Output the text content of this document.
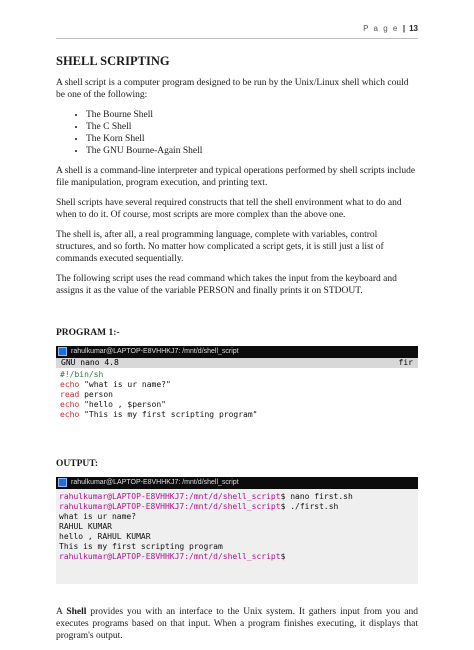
P a g e | 13
SHELL SCRIPTING

A shell script is a computer program designed to be run by the Unix/Linux shell which could be one of the following:

• The Bourne Shell
• The C Shell
• The Korn Shell
• The GNU Bourne-Again Shell

A shell is a command-line interpreter and typical operations performed by shell scripts include file manipulation, program execution, and printing text.

Shell scripts have several required constructs that tell the shell environment what to do and when to do it. Of course, most scripts are more complex than the above one.

The shell is, after all, a real programming language, complete with variables, control structures, and so forth. No matter how complicated a script gets, it is still just a list of commands executed sequentially.

The following script uses the read command which takes the input from the keyboard and assigns it as the value of the variable PERSON and finally prints it on STDOUT.

PROGRAM 1:-
rahulkumar@LAPTOP-E8VHHKJ7: /mnt/d/shell_script
GNU nano 4.8	fir
#!/bin/sh
echo "what is ur name?"
read person
echo "hello , $person"
echo "This is my first scripting program"
OUTPUT:
rahulkumar@LAPTOP-E8VHHKJ7: /mnt/d/shell_script
rahulkumar@LAPTOP-E8VHHKJ7:/mnt/d/shell_script$ nano first.sh
rahulkumar@LAPTOP-E8VHHKJ7:/mnt/d/shell_script$ ./first.sh
what is ur name?
RAHUL KUMAR
hello , RAHUL KUMAR
This is my first scripting program
rahulkumar@LAPTOP-E8VHHKJ7:/mnt/d/shell_script$

A Shell provides you with an interface to the Unix system. It gathers input from you and executes programs based on that input. When a program finishes executing, it displays that program's output.
